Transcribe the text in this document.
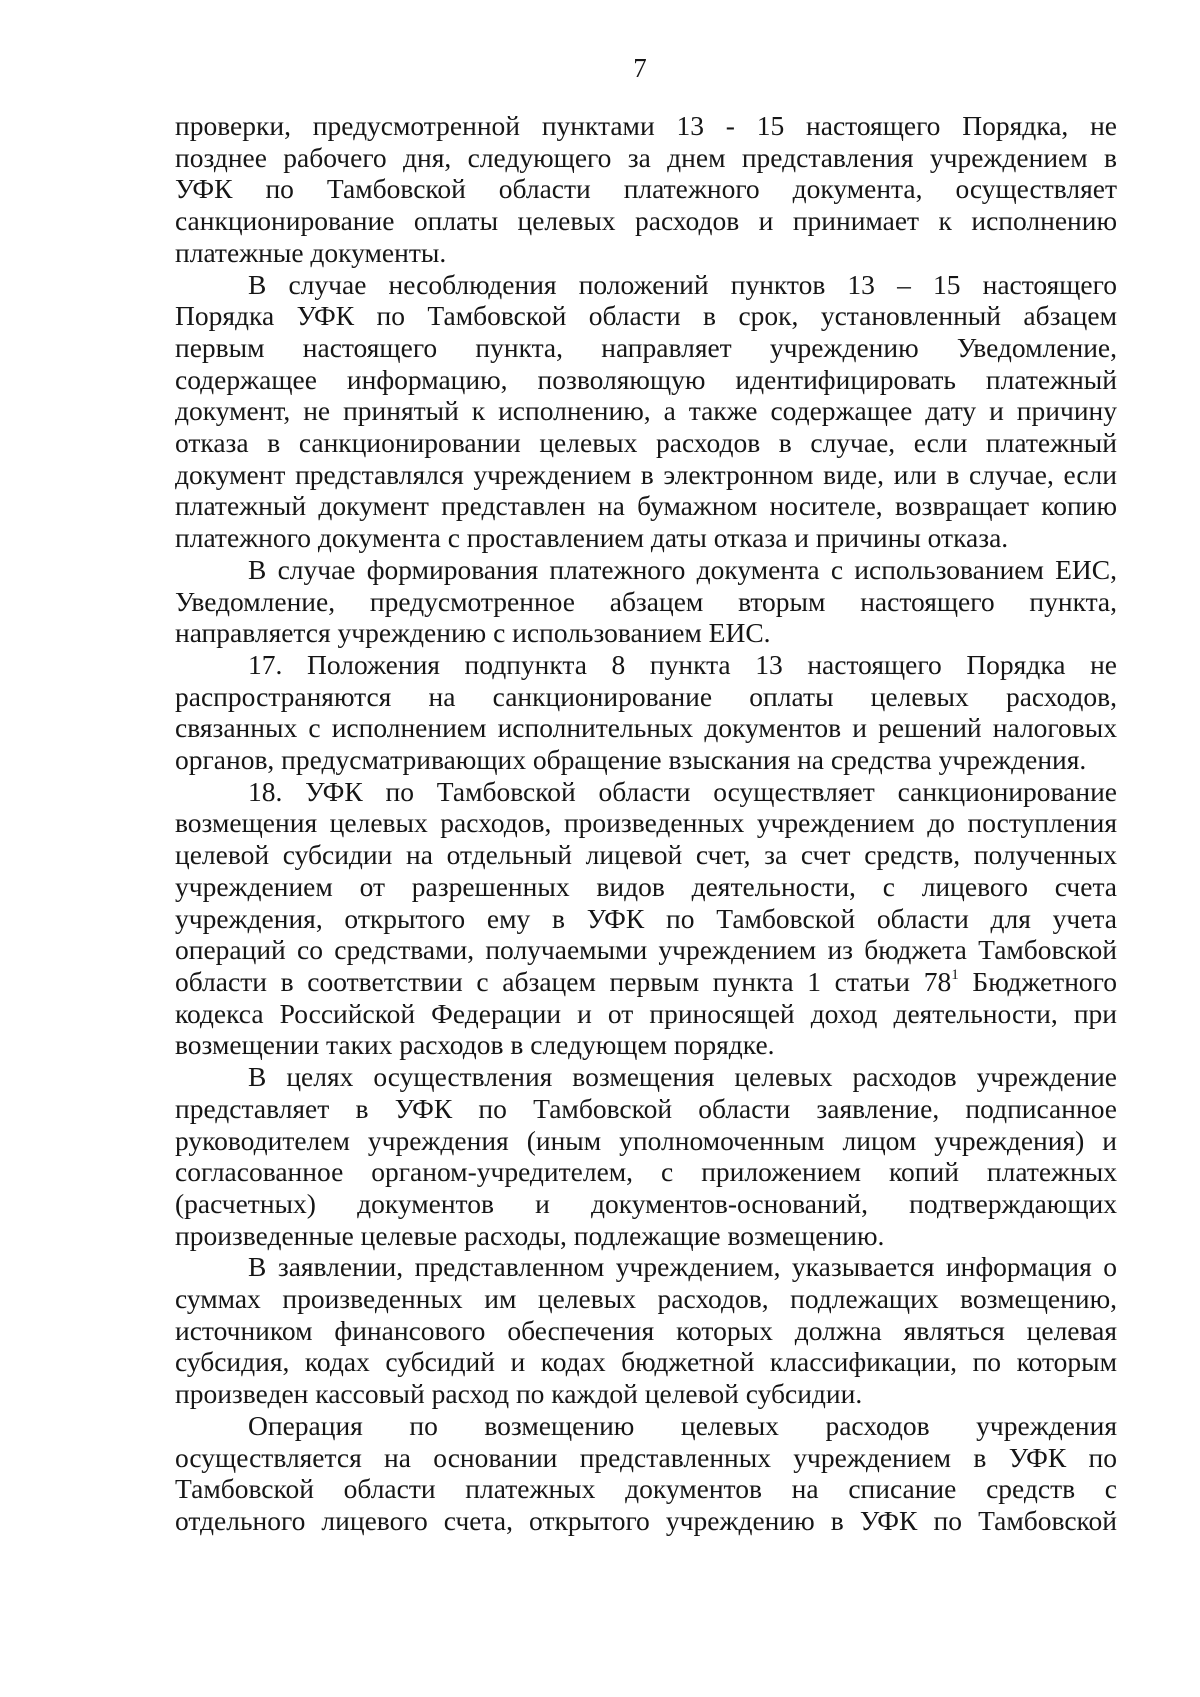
7
проверки, предусмотренной пунктами 13 - 15 настоящего Порядка, не
позднее рабочего дня, следующего за днем представления учреждением в
УФК по Тамбовской области платежного документа, осуществляет
санкционирование оплаты целевых расходов и принимает к исполнению
платежные документы.
В случае несоблюдения положений пунктов 13 – 15 настоящего
Порядка УФК по Тамбовской области в срок, установленный абзацем
первым настоящего пункта, направляет учреждению Уведомление,
содержащее информацию, позволяющую идентифицировать платежный
документ, не принятый к исполнению, а также содержащее дату и причину
отказа в санкционировании целевых расходов в случае, если платежный
документ представлялся учреждением в электронном виде, или в случае, если
платежный документ представлен на бумажном носителе, возвращает копию
платежного документа с проставлением даты отказа и причины отказа.
В случае формирования платежного документа с использованием ЕИС,
Уведомление, предусмотренное абзацем вторым настоящего пункта,
направляется учреждению с использованием ЕИС.
17. Положения подпункта 8 пункта 13 настоящего Порядка не
распространяются на санкционирование оплаты целевых расходов,
связанных с исполнением исполнительных документов и решений налоговых
органов, предусматривающих обращение взыскания на средства учреждения.
18. УФК по Тамбовской области осуществляет санкционирование
возмещения целевых расходов, произведенных учреждением до поступления
целевой субсидии на отдельный лицевой счет, за счет средств, полученных
учреждением от разрешенных видов деятельности, с лицевого счета
учреждения, открытого ему в УФК по Тамбовской области для учета
операций со средствами, получаемыми учреждением из бюджета Тамбовской
области в соответствии с абзацем первым пункта 1 статьи $78^1$ Бюджетного
кодекса Российской Федерации и от приносящей доход деятельности, при
возмещении таких расходов в следующем порядке.
В целях осуществления возмещения целевых расходов учреждение
представляет в УФК по Тамбовской области заявление, подписанное
руководителем учреждения (иным уполномоченным лицом учреждения) и
согласованное органом-учредителем, с приложением копий платежных
(расчетных) документов и документов-оснований, подтверждающих
произведенные целевые расходы, подлежащие возмещению.
В заявлении, представленном учреждением, указывается информация о
суммах произведенных им целевых расходов, подлежащих возмещению,
источником финансового обеспечения которых должна являться целевая
субсидия, кодах субсидий и кодах бюджетной классификации, по которым
произведен кассовый расход по каждой целевой субсидии.
Операция по возмещению целевых расходов учреждения
осуществляется на основании представленных учреждением в УФК по
Тамбовской области платежных документов на списание средств с
отдельного лицевого счета, открытого учреждению в УФК по Тамбовской
